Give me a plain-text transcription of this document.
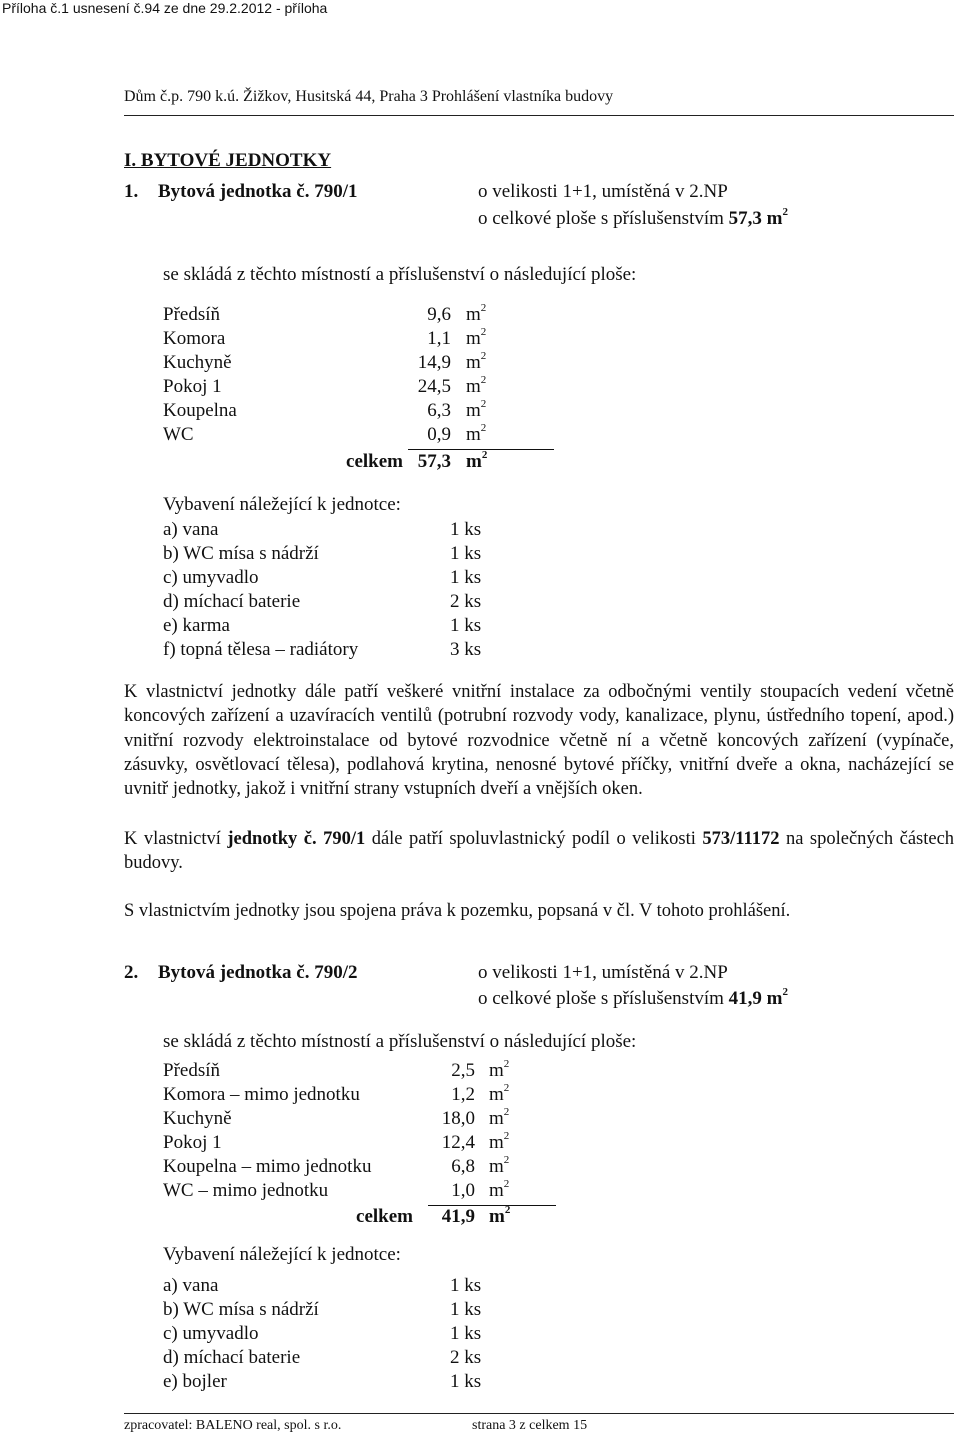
Příloha č.1 usnesení č.94 ze dne 29.2.2012 - příloha
Dům č.p. 790 k.ú. Žižkov, Husitská 44, Praha 3 Prohlášení vlastníka budovy
I. BYTOVÉ JEDNOTKY
1. Bytová jednotka č. 790/1	o velikosti 1+1, umístěná v 2.NP
o celkové ploše s příslušenstvím 57,3 $m^2$
se skládá z těchto místností a příslušenství o následující ploše:
Předsíň	9,6 $m^2$
Komora	1,1 $m^2$
Kuchyně	14,9 $m^2$
Pokoj 1	24,5 $m^2$
Koupelna	6,3 $m^2$
WC	0,9 $m^2$
celkem 57,3 $m^2$
Vybavení náležející k jednotce:
a) vana	1 ks
b) WC mísa s nádrží	1 ks
c) umyvadlo	1 ks
d) míchací baterie	2 ks
e) karma	1 ks
f) topná tělesa – radiátory	3 ks
K vlastnictví jednotky dále patří veškeré vnitřní instalace za odbočnými ventily stoupacích vedení včetně koncových zařízení a uzavíracích ventilů (potrubní rozvody vody, kanalizace, plynu, ústředního topení, apod.) vnitřní rozvody elektroinstalace od bytové rozvodnice včetně ní a včetně koncových zařízení (vypínače, zásuvky, osvětlovací tělesa), podlahová krytina, nenosné bytové příčky, vnitřní dveře a okna, nacházející se uvnitř jednotky, jakož i vnitřní strany vstupních dveří a vnějších oken.
K vlastnictví jednotky č. 790/1 dále patří spoluvlastnický podíl o velikosti 573/11172 na společných částech budovy.
S vlastnictvím jednotky jsou spojena práva k pozemku, popsaná v čl. V tohoto prohlášení.
2. Bytová jednotka č. 790/2	o velikosti 1+1, umístěná v 2.NP
o celkové ploše s příslušenstvím 41,9 $m^2$
se skládá z těchto místností a příslušenství o následující ploše:
Předsíň	2,5 $m^2$
Komora – mimo jednotku	1,2 $m^2$
Kuchyně	18,0 $m^2$
Pokoj 1	12,4 $m^2$
Koupelna – mimo jednotku	6,8 $m^2$
WC – mimo jednotku	1,0 $m^2$
celkem 41,9 $m^2$
Vybavení náležející k jednotce:
a) vana	1 ks
b) WC mísa s nádrží	1 ks
c) umyvadlo	1 ks
d) míchací baterie	2 ks
e) bojler	1 ks
zpracovatel: BALENO real, spol. s r.o.	strana 3 z celkem 15
